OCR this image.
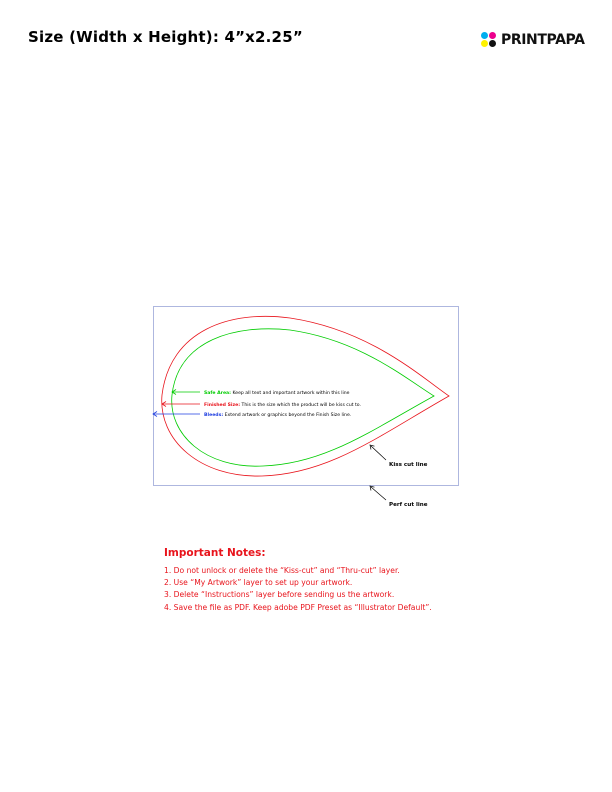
Size (Width x Height): 4”x2.25”	PRINTPAPA
Safe Area: Keep all text and important artwork within this line
Finished Size: This is the size which the product will be kiss cut to.
Bleeds: Extend artwork or graphics beyond the Finish Size line.
Kiss cut line
Perf cut line
Important Notes:
1. Do not unlock or delete the “Kiss-cut” and “Thru-cut” layer.
2. Use “My Artwork” layer to set up your artwork.
3. Delete “Instructions” layer before sending us the artwork.
4. Save the file as PDF. Keep adobe PDF Preset as “Illustrator Default”.
